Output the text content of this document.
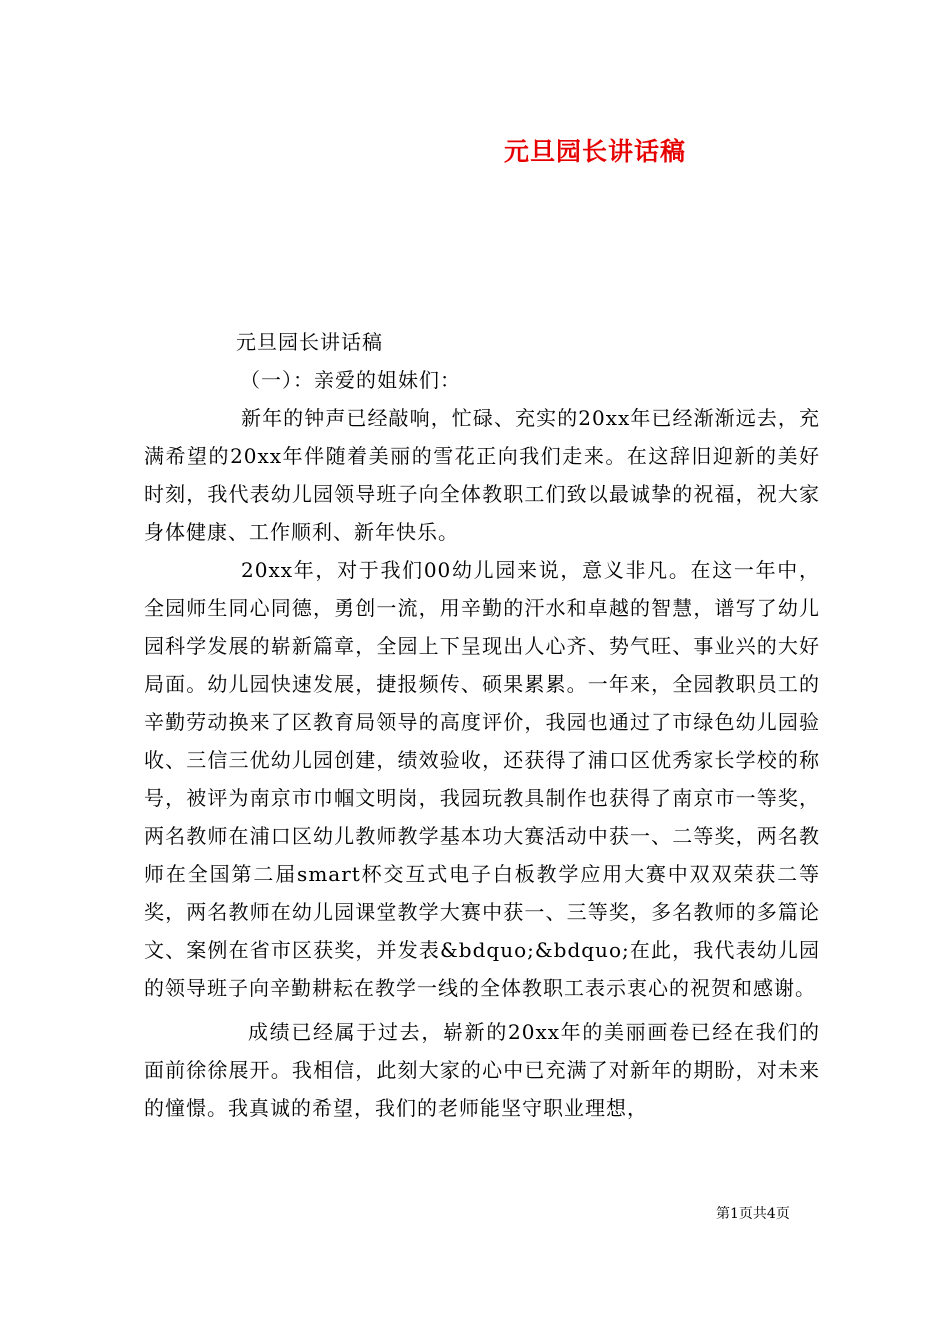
元旦园长讲话稿

元旦园长讲话稿

（一）：亲爱的姐妹们：

新年的钟声已经敲响，忙碌、充实的20xx年已经渐渐远去，充满希望的20xx年伴随着美丽的雪花正向我们走来。在这辞旧迎新的美好时刻，我代表幼儿园领导班子向全体教职工们致以最诚挚的祝福，祝大家身体健康、工作顺利、新年快乐。

20xx年，对于我们00幼儿园来说，意义非凡。在这一年中，全园师生同心同德，勇创一流，用辛勤的汗水和卓越的智慧，谱写了幼儿园科学发展的崭新篇章，全园上下呈现出人心齐、势气旺、事业兴的大好局面。幼儿园快速发展，捷报频传、硕果累累。一年来，全园教职员工的辛勤劳动换来了区教育局领导的高度评价，我园也通过了市绿色幼儿园验收、三信三优幼儿园创建，绩效验收，还获得了浦口区优秀家长学校的称号，被评为南京市巾帼文明岗，我园玩教具制作也获得了南京市一等奖，两名教师在浦口区幼儿教师教学基本功大赛活动中获一、二等奖，两名教师在全国第二届smart杯交互式电子白板教学应用大赛中双双荣获二等奖，两名教师在幼儿园课堂教学大赛中获一、三等奖，多名教师的多篇论文、案例在省市区获奖，并发表&bdquo;&bdquo;在此，我代表幼儿园的领导班子向辛勤耕耘在教学一线的全体教职工表示衷心的祝贺和感谢。

成绩已经属于过去，崭新的20xx年的美丽画卷已经在我们的面前徐徐展开。我相信，此刻大家的心中已充满了对新年的期盼，对未来的憧憬。我真诚的希望，我们的老师能坚守职业理想，

第1页共4页
